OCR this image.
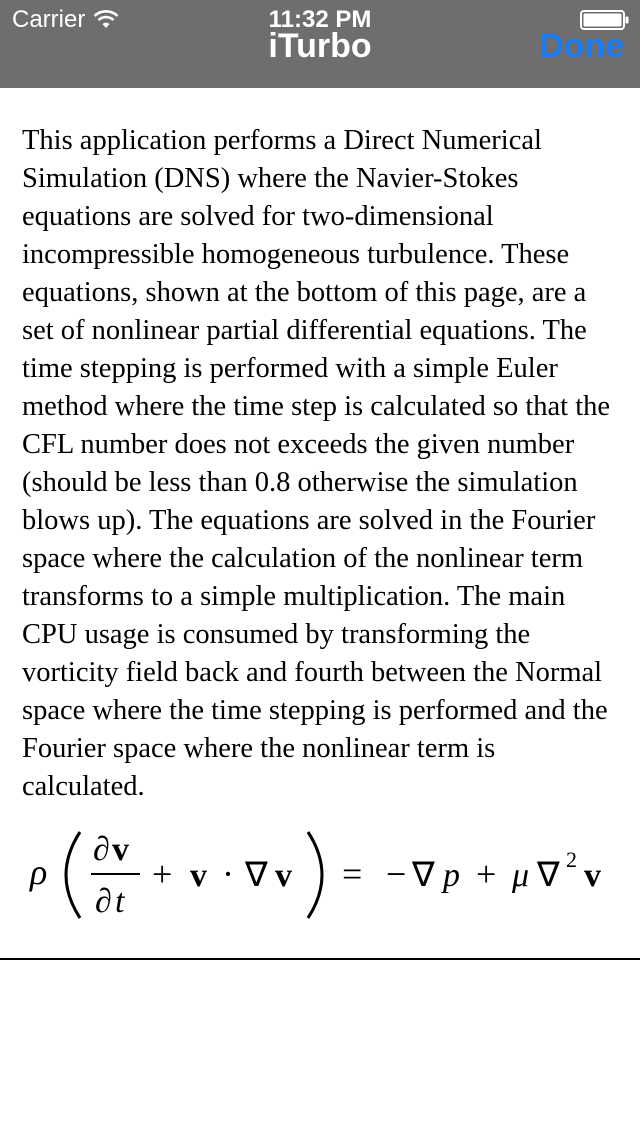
Carrier	11:32 PM
iTurbo	Done

This application performs a Direct Numerical Simulation (DNS) where the Navier-Stokes equations are solved for two-dimensional incompressible homogeneous turbulence. These equations, shown at the bottom of this page, are a set of nonlinear partial differential equations. The time stepping is performed with a simple Euler method where the time step is calculated so that the CFL number does not exceeds the given number (should be less than 0.8 otherwise the simulation blows up). The equations are solved in the Fourier space where the calculation of the nonlinear term transforms to a simple multiplication. The main CPU usage is consumed by transforming the vorticity field back and fourth between the Normal space where the time stepping is performed and the Fourier space where the nonlinear term is calculated.

ρ
∂ v
∂ t
+ v · ∇ v = − ∇ p + μ ∇ 2 v
